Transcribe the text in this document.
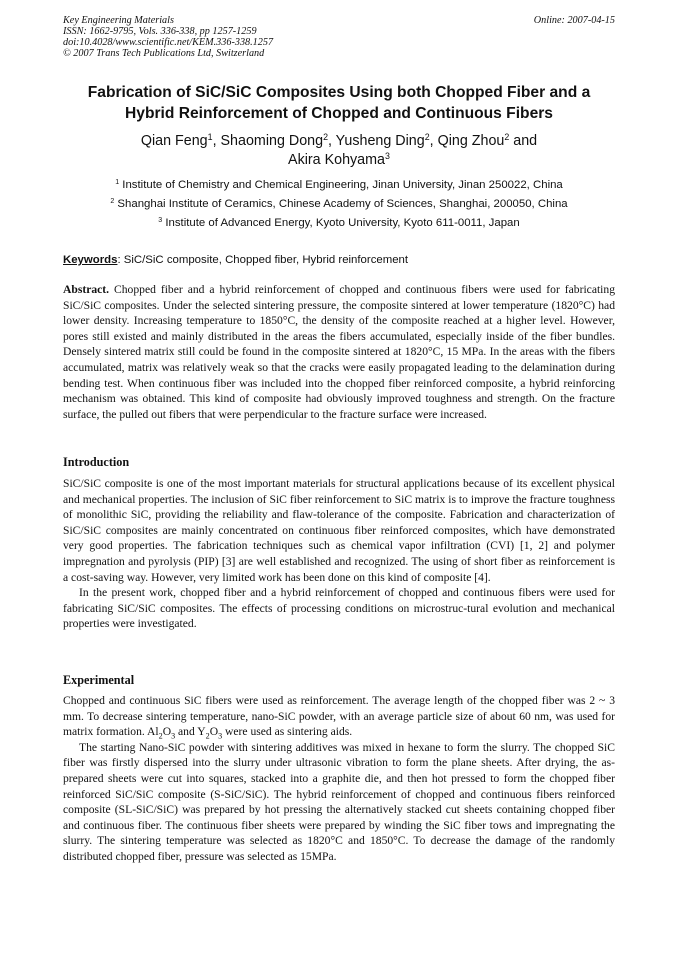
Key Engineering Materials
ISSN: 1662-9795, Vols. 336-338, pp 1257-1259
doi:10.4028/www.scientific.net/KEM.336-338.1257
© 2007 Trans Tech Publications Ltd, Switzerland
Online: 2007-04-15
Fabrication of SiC/SiC Composites Using both Chopped Fiber and a
Hybrid Reinforcement of Chopped and Continuous Fibers
Qian Feng$^1$, Shaoming Dong$^2$, Yusheng Ding$^2$, Qing Zhou$^2$ and
Akira Kohyama$^3$
$^1$ Institute of Chemistry and Chemical Engineering, Jinan University, Jinan 250022, China
$^2$ Shanghai Institute of Ceramics, Chinese Academy of Sciences, Shanghai, 200050, China
$^3$ Institute of Advanced Energy, Kyoto University, Kyoto 611-0011, Japan
Keywords: SiC/SiC composite, Chopped fiber, Hybrid reinforcement

Abstract. Chopped fiber and a hybrid reinforcement of chopped and continuous fibers were used for fabricating SiC/SiC composites. Under the selected sintering pressure, the composite sintered at lower temperature (1820°C) had lower density. Increasing temperature to 1850°C, the density of the composite reached at a higher level. However, pores still existed and mainly distributed in the areas the fibers accumulated, especially inside of the fiber bundles. Densely sintered matrix still could be found in the composite sintered at 1820°C, 15 MPa. In the areas with the fibers accumulated, matrix was relatively weak so that the cracks were easily propagated leading to the delamination during bending test. When continuous fiber was included into the chopped fiber reinforced composite, a hybrid reinforcing mechanism was obtained. This kind of composite had obviously improved toughness and strength. On the fracture surface, the pulled out fibers that were perpendicular to the fracture surface were increased.

Introduction

SiC/SiC composite is one of the most important materials for structural applications because of its excellent physical and mechanical properties. The inclusion of SiC fiber reinforcement to SiC matrix is to improve the fracture toughness of monolithic SiC, providing the reliability and flaw-tolerance of the composite. Fabrication and characterization of SiC/SiC composites are mainly concentrated on continuous fiber reinforced composites, which have demonstrated very good properties. The fabrication techniques such as chemical vapor infiltration (CVI) [1, 2] and polymer impregnation and pyrolysis (PIP) [3] are well established and recognized. The using of short fiber as reinforcement is a cost-saving way. However, very limited work has been done on this kind of composite [4].

In the present work, chopped fiber and a hybrid reinforcement of chopped and continuous fibers were used for fabricating SiC/SiC composites. The effects of processing conditions on microstruc-tural evolution and mechanical properties were investigated.

Experimental

Chopped and continuous SiC fibers were used as reinforcement. The average length of the chopped fiber was 2 ~ 3 mm. To decrease sintering temperature, nano-SiC powder, with an average particle size of about 60 nm, was used for matrix formation. $Al_2O_3$ and $Y_2O_3$ were used as sintering aids.

The starting Nano-SiC powder with sintering additives was mixed in hexane to form the slurry. The chopped SiC fiber was firstly dispersed into the slurry under ultrasonic vibration to form the plane sheets. After drying, the as-prepared sheets were cut into squares, stacked into a graphite die, and then hot pressed to form the chopped fiber reinforced SiC/SiC composite (S-SiC/SiC). The hybrid reinforcement of chopped and continuous fibers reinforced composite (SL-SiC/SiC) was prepared by hot pressing the alternatively stacked cut sheets containing chopped fiber and continuous fiber. The continuous fiber sheets were prepared by winding the SiC fiber tows and impregnating the slurry. The sintering temperature was selected as 1820°C and 1850°C. To decrease the damage of the randomly distributed chopped fiber, pressure was selected as 15MPa.
